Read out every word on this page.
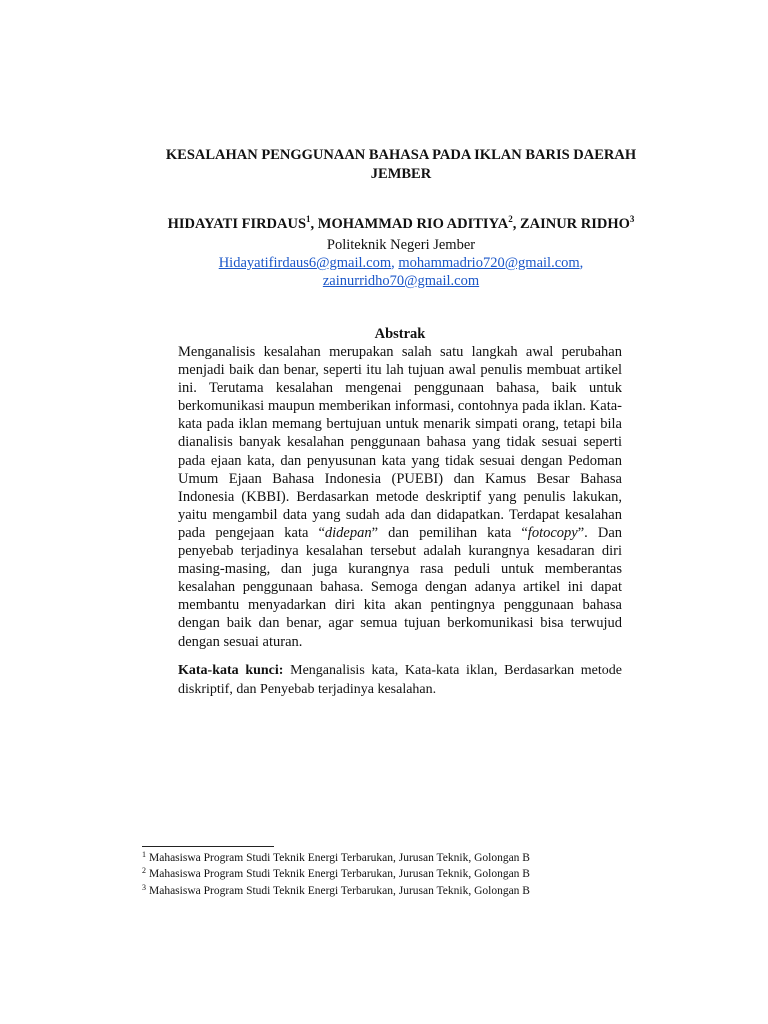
KESALAHAN PENGGUNAAN BAHASA PADA IKLAN BARIS DAERAH JEMBER

HIDAYATI FIRDAUS$^1$, MOHAMMAD RIO ADITIYA$^2$, ZAINUR RIDHO$^3$

Politeknik Negeri Jember

Hidayatifirdaus6@gmail.com, mohammadrio720@gmail.com,
zainurridho70@gmail.com

Abstrak

Menganalisis kesalahan merupakan salah satu langkah awal perubahan menjadi baik dan benar, seperti itu lah tujuan awal penulis membuat artikel ini. Terutama kesalahan mengenai penggunaan bahasa, baik untuk berkomunikasi maupun memberikan informasi, contohnya pada iklan. Kata-kata pada iklan memang bertujuan untuk menarik simpati orang, tetapi bila dianalisis banyak kesalahan penggunaan bahasa yang tidak sesuai seperti pada ejaan kata, dan penyusunan kata yang tidak sesuai dengan Pedoman Umum Ejaan Bahasa Indonesia (PUEBI) dan Kamus Besar Bahasa Indonesia (KBBI). Berdasarkan metode deskriptif yang penulis lakukan, yaitu mengambil data yang sudah ada dan didapatkan. Terdapat kesalahan pada pengejaan kata “didepan” dan pemilihan kata “fotocopy”. Dan penyebab terjadinya kesalahan tersebut adalah kurangnya kesadaran diri masing-masing, dan juga kurangnya rasa peduli untuk memberantas kesalahan penggunaan bahasa. Semoga dengan adanya artikel ini dapat membantu menyadarkan diri kita akan pentingnya penggunaan bahasa dengan baik dan benar, agar semua tujuan berkomunikasi bisa terwujud dengan sesuai aturan.

Kata-kata kunci: Menganalisis kata, Kata-kata iklan, Berdasarkan metode diskriptif, dan Penyebab terjadinya kesalahan.

$^1$ Mahasiswa Program Studi Teknik Energi Terbarukan, Jurusan Teknik, Golongan B
$^2$ Mahasiswa Program Studi Teknik Energi Terbarukan, Jurusan Teknik, Golongan B
$^3$ Mahasiswa Program Studi Teknik Energi Terbarukan, Jurusan Teknik, Golongan B
